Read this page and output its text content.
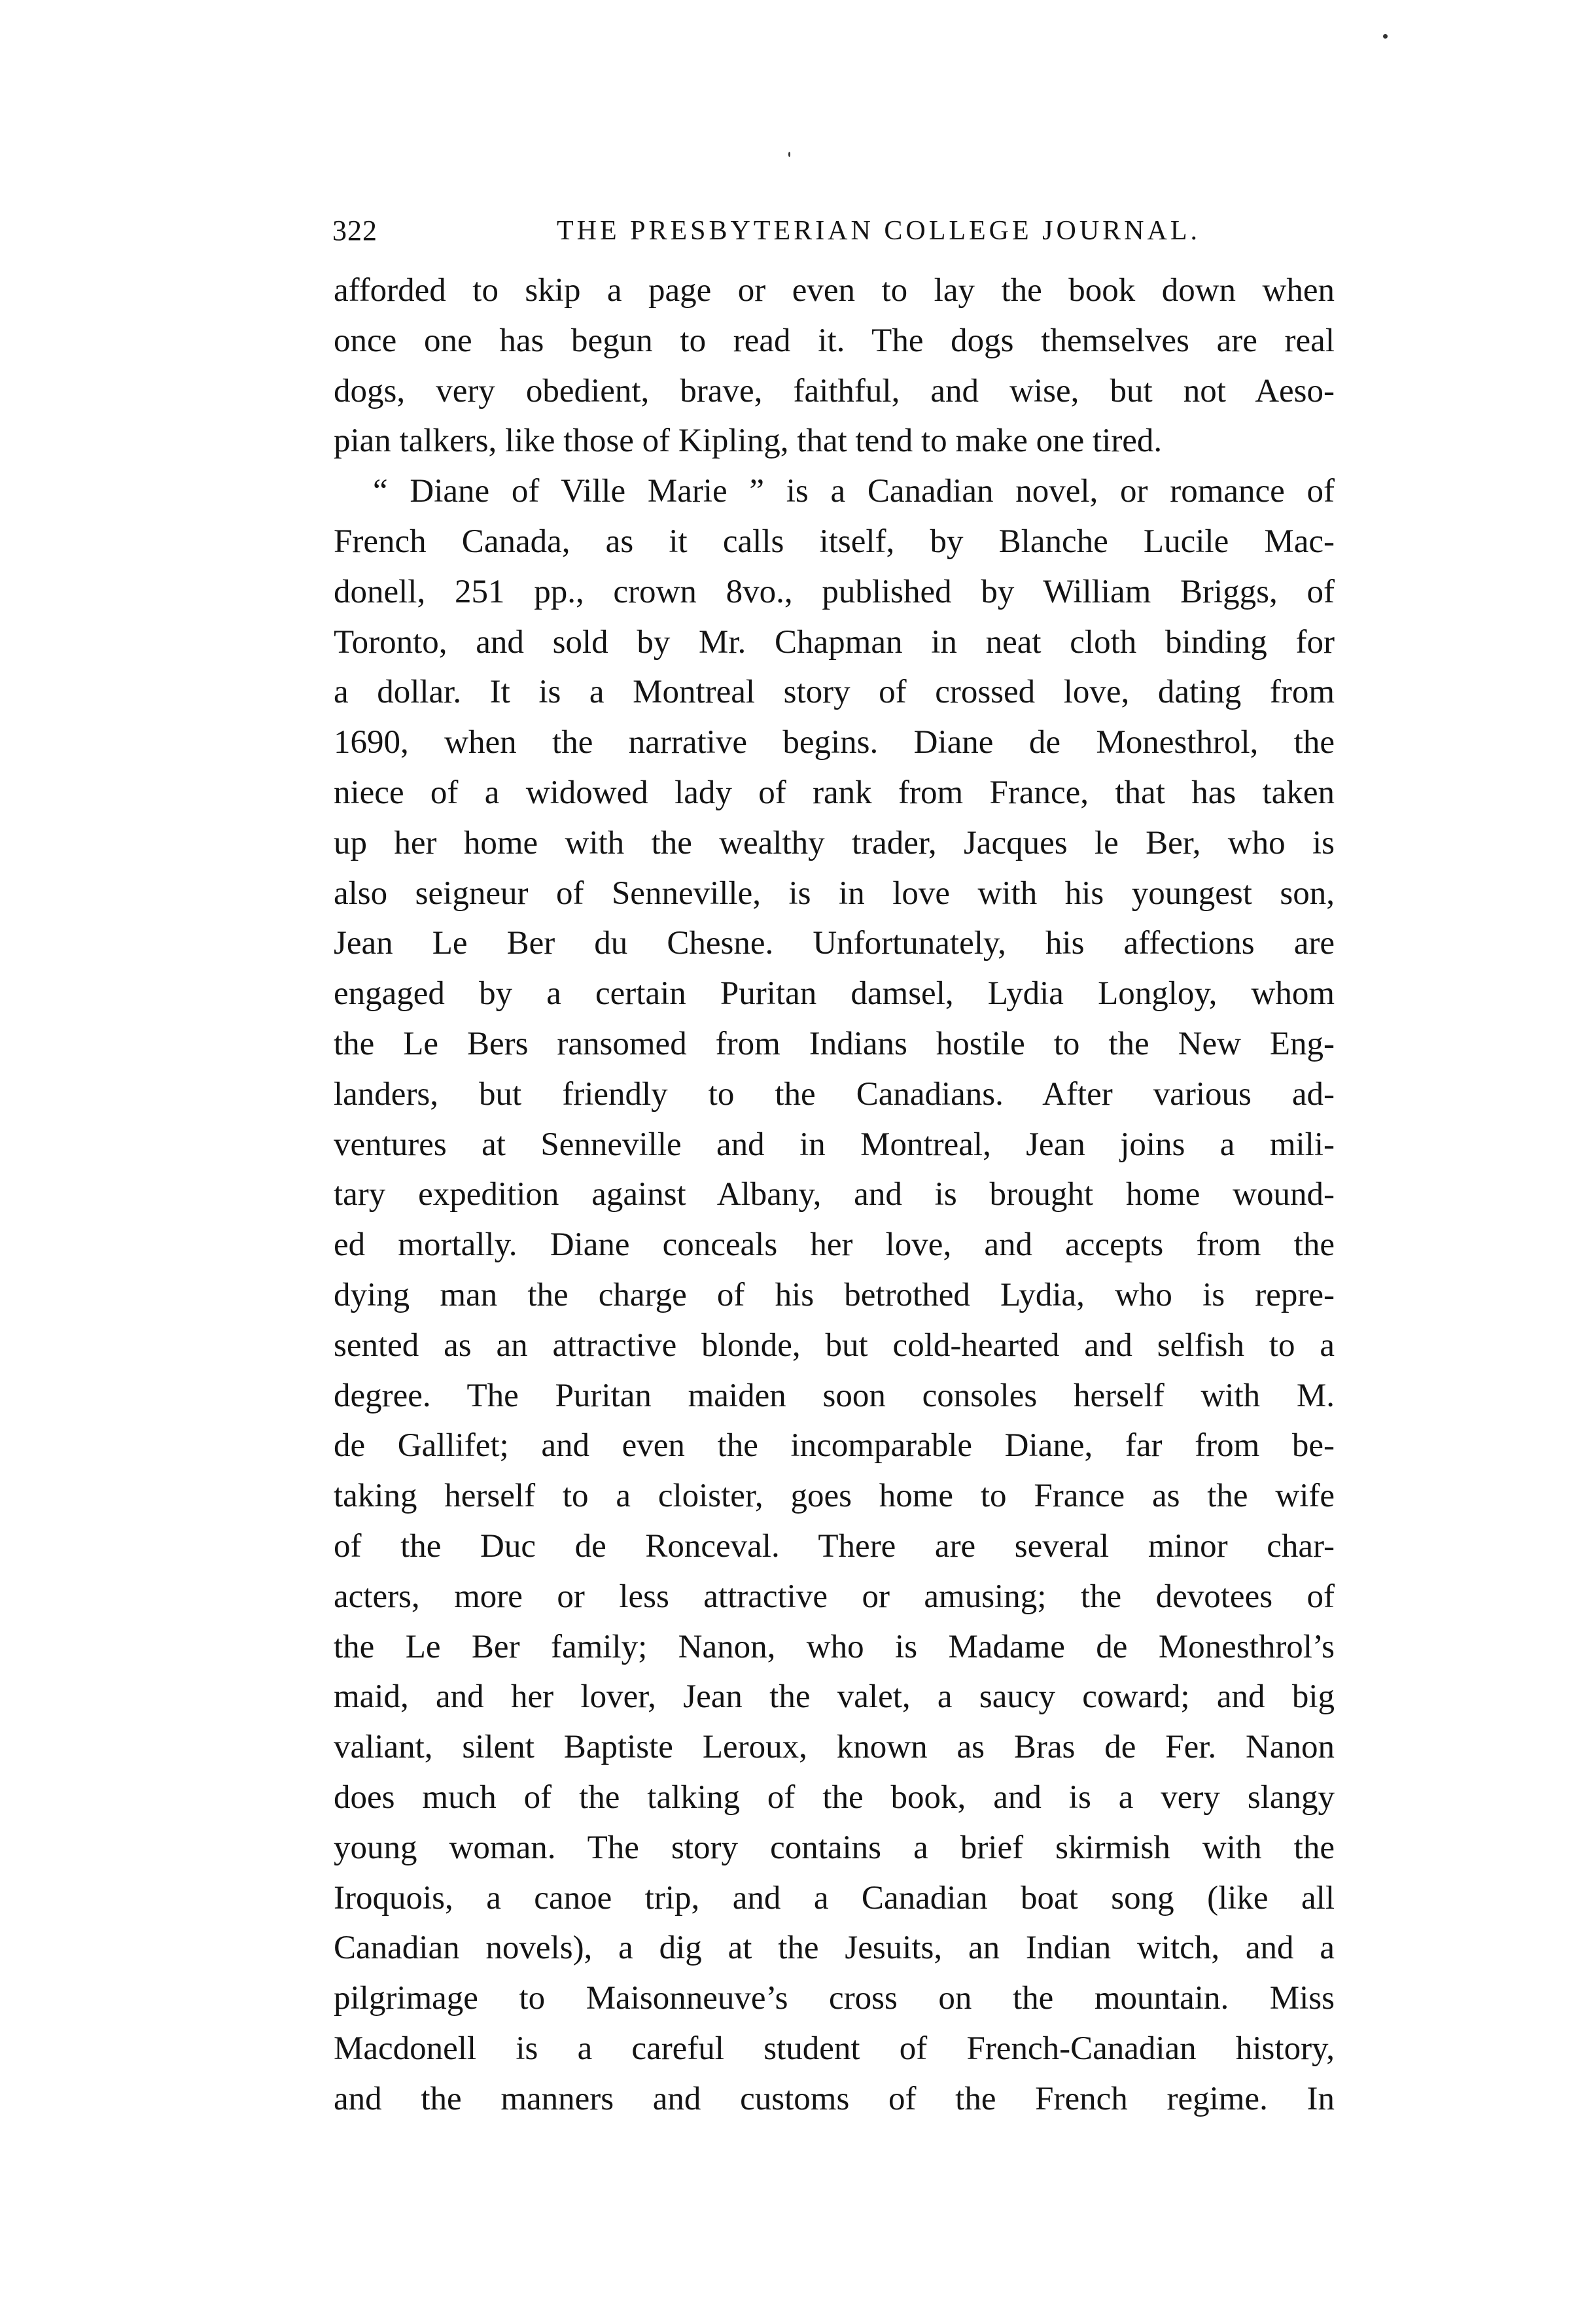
322	THE PRESBYTERIAN COLLEGE JOURNAL.
afforded to skip a page or even to lay the book down when
once one has begun to read it. The dogs themselves are real
dogs, very obedient, brave, faithful, and wise, but not Aeso-
pian talkers, like those of Kipling, that tend to make one tired.
“ Diane of Ville Marie ” is a Canadian novel, or romance of
French Canada, as it calls itself, by Blanche Lucile Mac-
donell, 251 pp., crown 8vo., published by William Briggs, of
Toronto, and sold by Mr. Chapman in neat cloth binding for
a dollar. It is a Montreal story of crossed love, dating from
1690, when the narrative begins. Diane de Monesthrol, the
niece of a widowed lady of rank from France, that has taken
up her home with the wealthy trader, Jacques le Ber, who is
also seigneur of Senneville, is in love with his youngest son,
Jean Le Ber du Chesne. Unfortunately, his affections are
engaged by a certain Puritan damsel, Lydia Longloy, whom
the Le Bers ransomed from Indians hostile to the New Eng-
landers, but friendly to the Canadians. After various ad-
ventures at Senneville and in Montreal, Jean joins a mili-
tary expedition against Albany, and is brought home wound-
ed mortally. Diane conceals her love, and accepts from the
dying man the charge of his betrothed Lydia, who is repre-
sented as an attractive blonde, but cold-hearted and selfish to a
degree. The Puritan maiden soon consoles herself with M.
de Gallifet; and even the incomparable Diane, far from be-
taking herself to a cloister, goes home to France as the wife
of the Duc de Ronceval. There are several minor char-
acters, more or less attractive or amusing; the devotees of
the Le Ber family; Nanon, who is Madame de Monesthrol’s
maid, and her lover, Jean the valet, a saucy coward; and big
valiant, silent Baptiste Leroux, known as Bras de Fer. Nanon
does much of the talking of the book, and is a very slangy
young woman. The story contains a brief skirmish with the
Iroquois, a canoe trip, and a Canadian boat song (like all
Canadian novels), a dig at the Jesuits, an Indian witch, and a
pilgrimage to Maisonneuve’s cross on the mountain. Miss
Macdonell is a careful student of French-Canadian history,
and the manners and customs of the French regime. In
